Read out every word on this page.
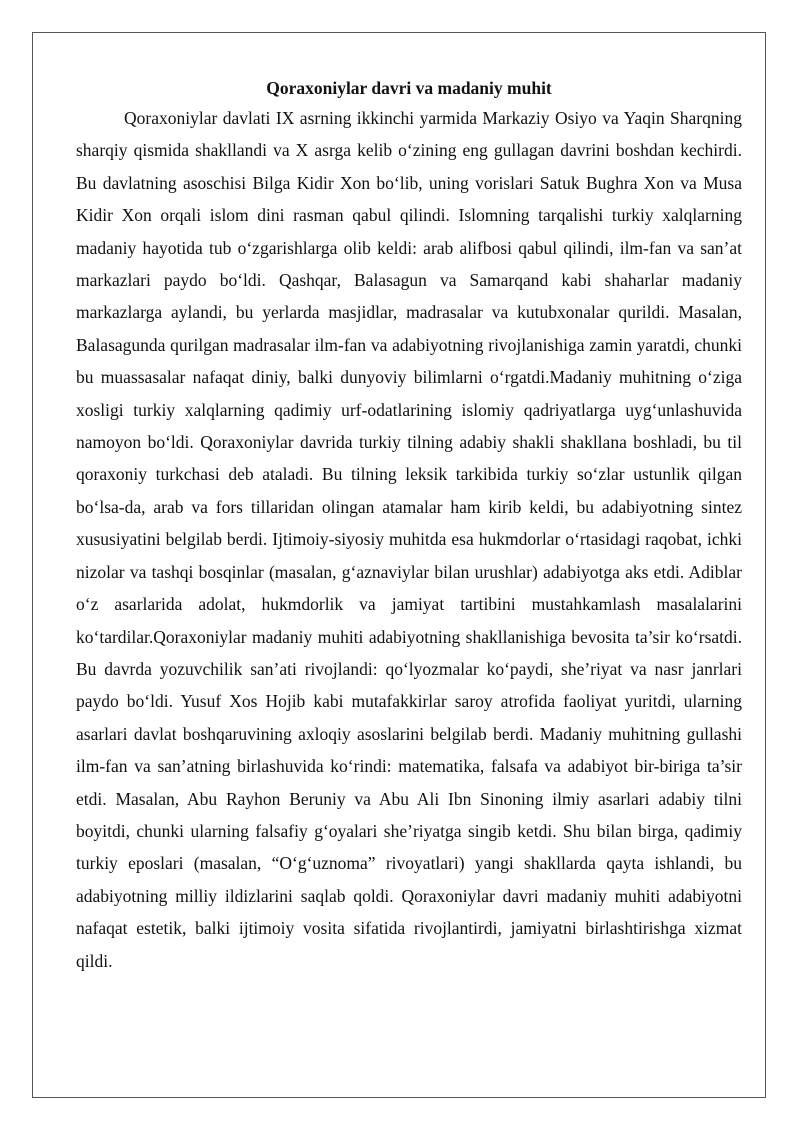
Qoraxoniylar davri va madaniy muhit

Qoraxoniylar davlati IX asrning ikkinchi yarmida Markaziy Osiyo va Yaqin Sharqning sharqiy qismida shakllandi va X asrga kelib o‘zining eng gullagan davrini boshdan kechirdi. Bu davlatning asoschisi Bilga Kidir Xon bo‘lib, uning vorislari Satuk Bughra Xon va Musa Kidir Xon orqali islom dini rasman qabul qilindi. Islomning tarqalishi turkiy xalqlarning madaniy hayotida tub o‘zgarishlarga olib keldi: arab alifbosi qabul qilindi, ilm-fan va san’at markazlari paydo bo‘ldi. Qashqar, Balasagun va Samarqand kabi shaharlar madaniy markazlarga aylandi, bu yerlarda masjidlar, madrasalar va kutubxonalar qurildi. Masalan, Balasagunda qurilgan madrasalar ilm-fan va adabiyotning rivojlanishiga zamin yaratdi, chunki bu muassasalar nafaqat diniy, balki dunyoviy bilimlarni o‘rgatdi.Madaniy muhitning o‘ziga xosligi turkiy xalqlarning qadimiy urf-odatlarining islomiy qadriyatlarga uyg‘unlashuvida namoyon bo‘ldi. Qoraxoniylar davrida turkiy tilning adabiy shakli shakllana boshladi, bu til qoraxoniy turkchasi deb ataladi. Bu tilning leksik tarkibida turkiy so‘zlar ustunlik qilgan bo‘lsa-da, arab va fors tillaridan olingan atamalar ham kirib keldi, bu adabiyotning sintez xususiyatini belgilab berdi. Ijtimoiy-siyosiy muhitda esa hukmdorlar o‘rtasidagi raqobat, ichki nizolar va tashqi bosqinlar (masalan, g‘aznaviylar bilan urushlar) adabiyotga aks etdi. Adiblar o‘z asarlarida adolat, hukmdorlik va jamiyat tartibini mustahkamlash masalalarini ko‘tardilar.Qoraxoniylar madaniy muhiti adabiyotning shakllanishiga bevosita ta’sir ko‘rsatdi. Bu davrda yozuvchilik san’ati rivojlandi: qo‘lyozmalar ko‘paydi, she’riyat va nasr janrlari paydo bo‘ldi. Yusuf Xos Hojib kabi mutafakkirlar saroy atrofida faoliyat yuritdi, ularning asarlari davlat boshqaruvining axloqiy asoslarini belgilab berdi. Madaniy muhitning gullashi ilm-fan va san’atning birlashuvida ko‘rindi: matematika, falsafa va adabiyot bir-biriga ta’sir etdi. Masalan, Abu Rayhon Beruniy va Abu Ali Ibn Sinoning ilmiy asarlari adabiy tilni boyitdi, chunki ularning falsafiy g‘oyalari she’riyatga singib ketdi. Shu bilan birga, qadimiy turkiy eposlari (masalan, “O‘g‘uznoma” rivoyatlari) yangi shakllarda qayta ishlandi, bu adabiyotning milliy ildizlarini saqlab qoldi. Qoraxoniylar davri madaniy muhiti adabiyotni nafaqat estetik, balki ijtimoiy vosita sifatida rivojlantirdi, jamiyatni birlashtirishga xizmat qildi.
